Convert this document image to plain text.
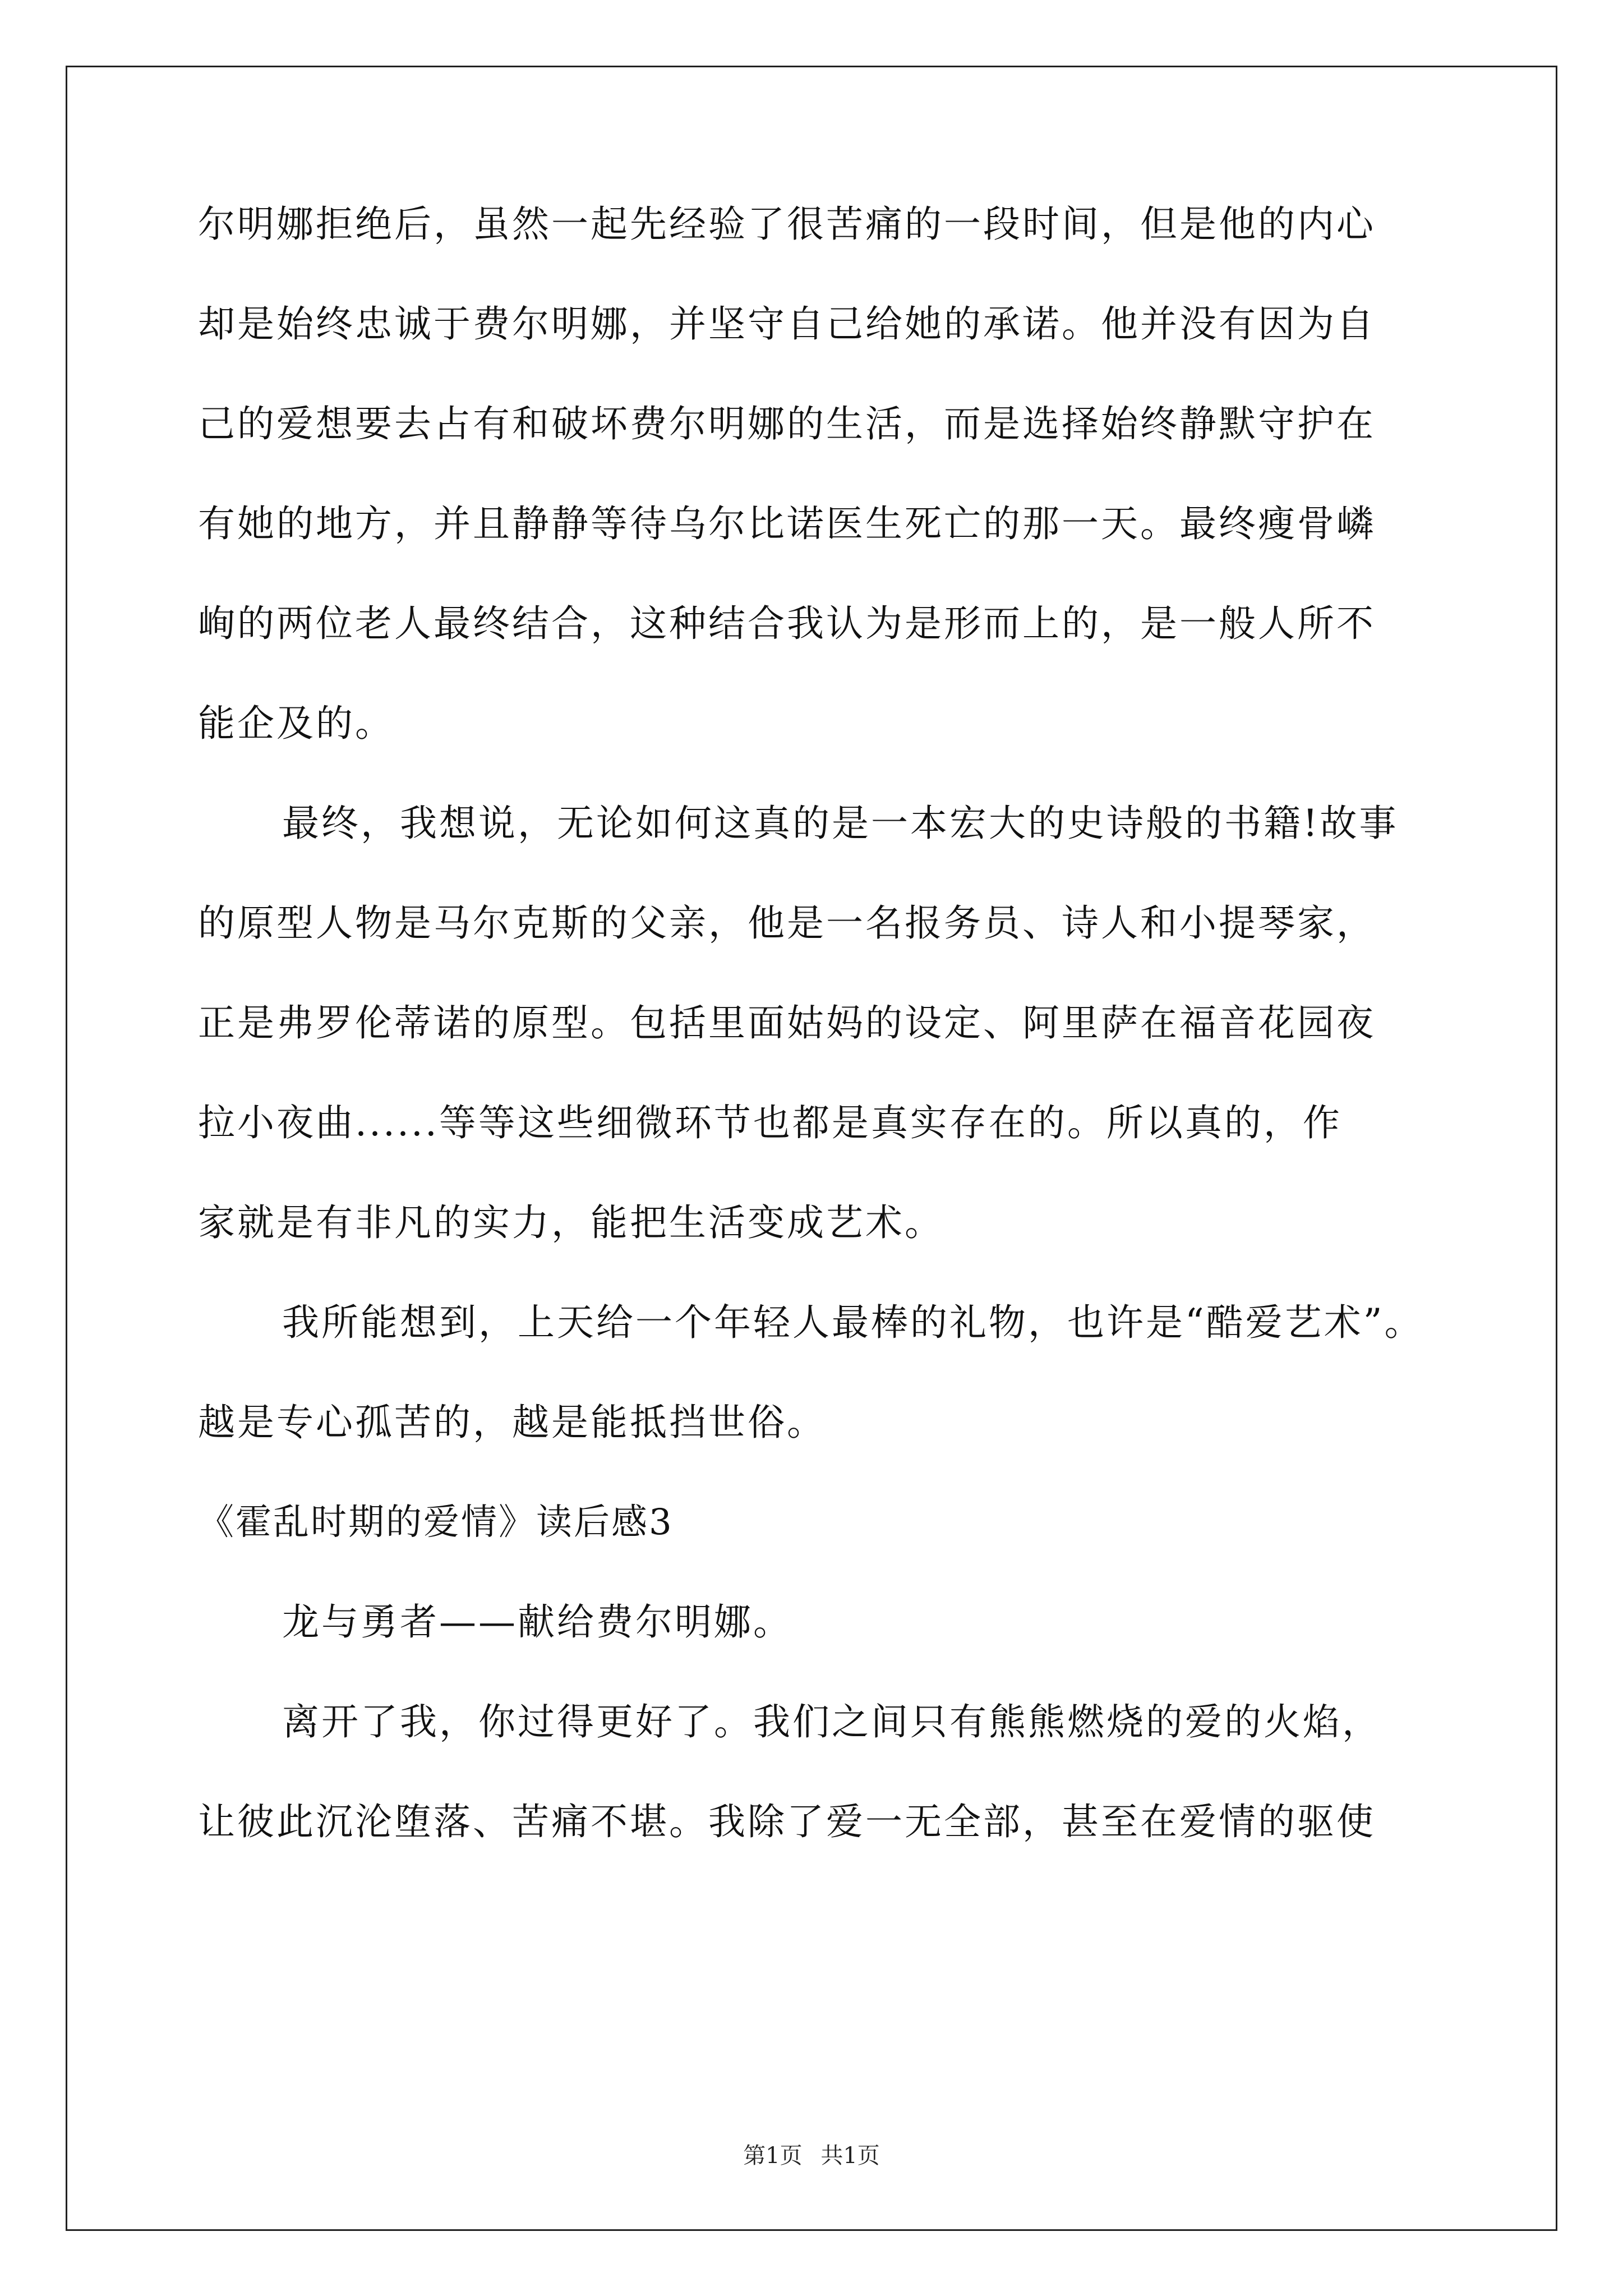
尔明娜拒绝后，虽然一起先经验了很苦痛的一段时间，但是他的内心
却是始终忠诚于费尔明娜，并坚守自己给她的承诺。他并没有因为自
己的爱想要去占有和破坏费尔明娜的生活，而是选择始终静默守护在
有她的地方，并且静静等待乌尔比诺医生死亡的那一天。最终瘦骨嶙
峋的两位老人最终结合，这种结合我认为是形而上的，是一般人所不
能企及的。
最终，我想说，无论如何这真的是一本宏大的史诗般的书籍!故事
的原型人物是马尔克斯的父亲，他是一名报务员、诗人和小提琴家，
正是弗罗伦蒂诺的原型。包括里面姑妈的设定、阿里萨在福音花园夜
拉小夜曲......等等这些细微环节也都是真实存在的。所以真的，作
家就是有非凡的实力，能把生活变成艺术。
我所能想到，上天给一个年轻人最棒的礼物，也许是“酷爱艺术”。
越是专心孤苦的，越是能抵挡世俗。
《霍乱时期的爱情》读后感3
龙与勇者——献给费尔明娜。
离开了我，你过得更好了。我们之间只有熊熊燃烧的爱的火焰，
让彼此沉沦堕落、苦痛不堪。我除了爱一无全部，甚至在爱情的驱使
第1页 共1页
